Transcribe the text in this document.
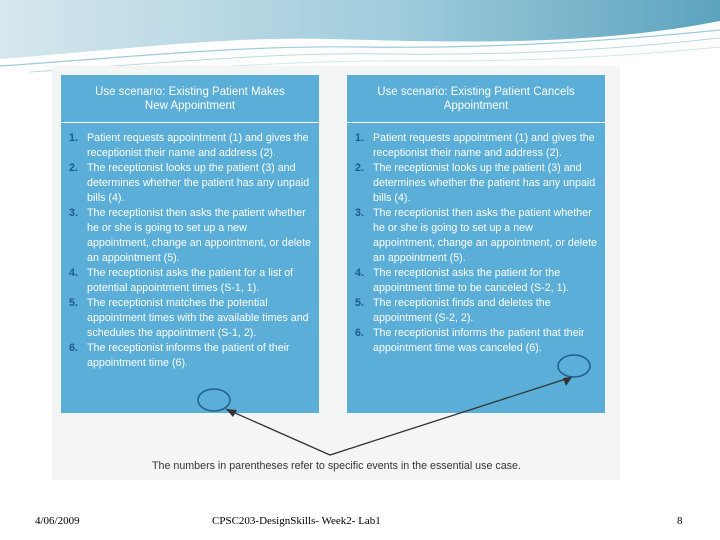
Use scenario: Existing Patient Makes New Appointment
1. Patient requests appointment (1) and gives the receptionist their name and address (2).
2. The receptionist looks up the patient (3) and determines whether the patient has any unpaid bills (4).
3. The receptionist then asks the patient whether he or she is going to set up a new appointment, change an appointment, or delete an appointment (5).
4. The receptionist asks the patient for a list of potential appointment times (S-1, 1).
5. The receptionist matches the potential appointment times with the available times and schedules the appointment (S-1, 2).
6. The receptionist informs the patient of their appointment time (6).
Use scenario: Existing Patient Cancels Appointment
1. Patient requests appointment (1) and gives the receptionist their name and address (2).
2. The receptionist looks up the patient (3) and determines whether the patient has any unpaid bills (4).
3. The receptionist then asks the patient whether he or she is going to set up a new appointment, change an appointment, or delete an appointment (5).
4. The receptionist asks the patient for the appointment time to be canceled (S-2, 1).
5. The receptionist finds and deletes the appointment (S-2, 2).
6. The receptionist informs the patient that their appointment time was canceled (6).
The numbers in parentheses refer to specific events in the essential use case.
4/06/2009	CPSC203-DesignSkills- Week2- Lab1	8
